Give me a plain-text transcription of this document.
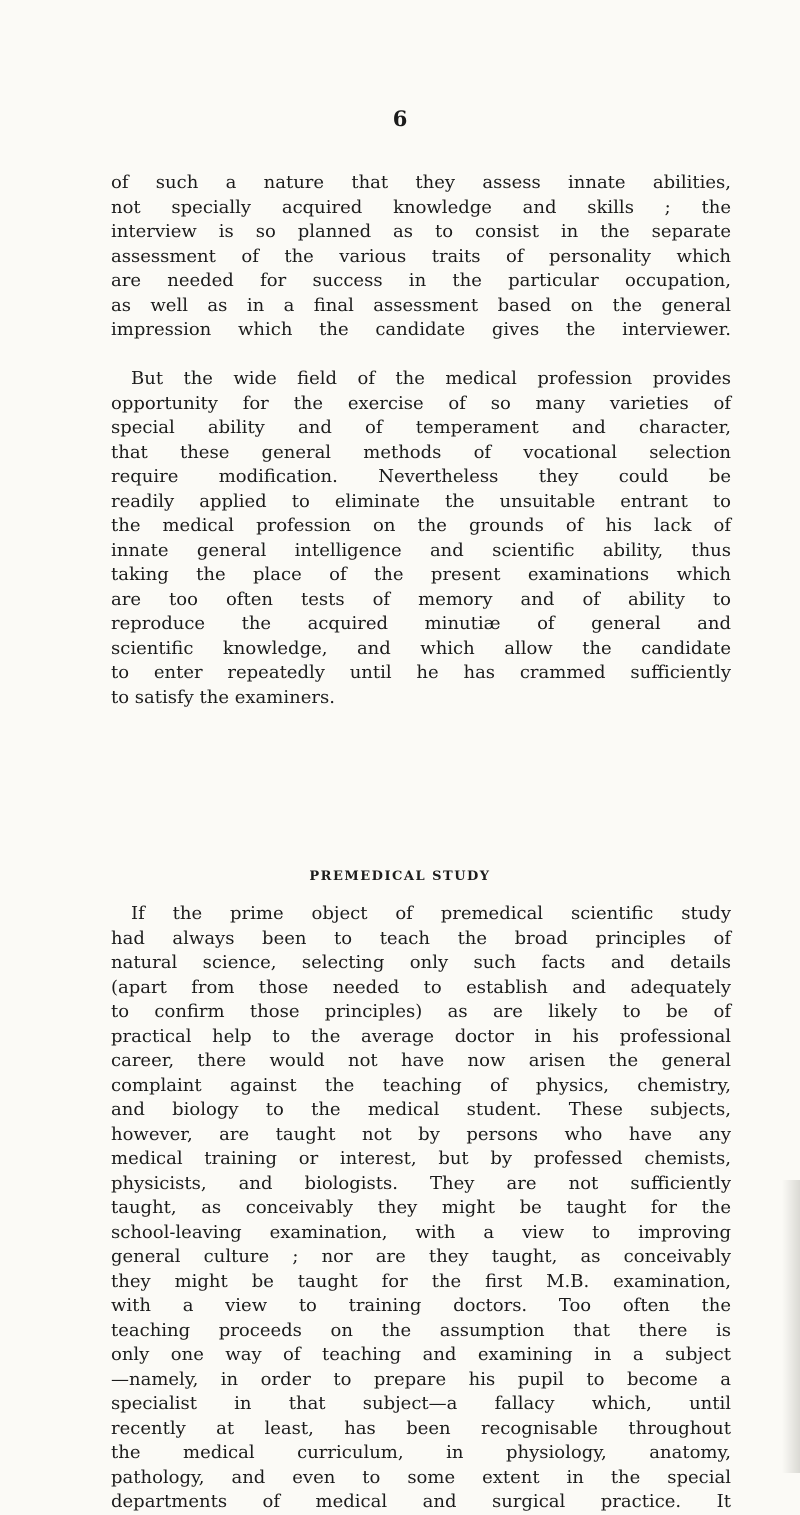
6

of such a nature that they assess innate abilities,
not specially acquired knowledge and skills ; the
interview is so planned as to consist in the separate
assessment of the various traits of personality which
are needed for success in the particular occupation,
as well as in a final assessment based on the general
impression which the candidate gives the interviewer.

But the wide field of the medical profession provides
opportunity for the exercise of so many varieties of
special ability and of temperament and character,
that these general methods of vocational selection
require modification. Nevertheless they could be
readily applied to eliminate the unsuitable entrant to
the medical profession on the grounds of his lack of
innate general intelligence and scientific ability, thus
taking the place of the present examinations which
are too often tests of memory and of ability to
reproduce the acquired minutiæ of general and
scientific knowledge, and which allow the candidate
to enter repeatedly until he has crammed sufficiently
to satisfy the examiners.

PREMEDICAL STUDY

If the prime object of premedical scientific study
had always been to teach the broad principles of
natural science, selecting only such facts and details
(apart from those needed to establish and adequately
to confirm those principles) as are likely to be of
practical help to the average doctor in his professional
career, there would not have now arisen the general
complaint against the teaching of physics, chemistry,
and biology to the medical student. These subjects,
however, are taught not by persons who have any
medical training or interest, but by professed chemists,
physicists, and biologists. They are not sufficiently
taught, as conceivably they might be taught for the
school-leaving examination, with a view to improving
general culture ; nor are they taught, as conceivably
they might be taught for the first M.B. examination,
with a view to training doctors. Too often the
teaching proceeds on the assumption that there is
only one way of teaching and examining in a subject
—namely, in order to prepare his pupil to become a
specialist in that subject—a fallacy which, until
recently at least, has been recognisable throughout
the medical curriculum, in physiology, anatomy,
pathology, and even to some extent in the special
departments of medical and surgical practice. It
